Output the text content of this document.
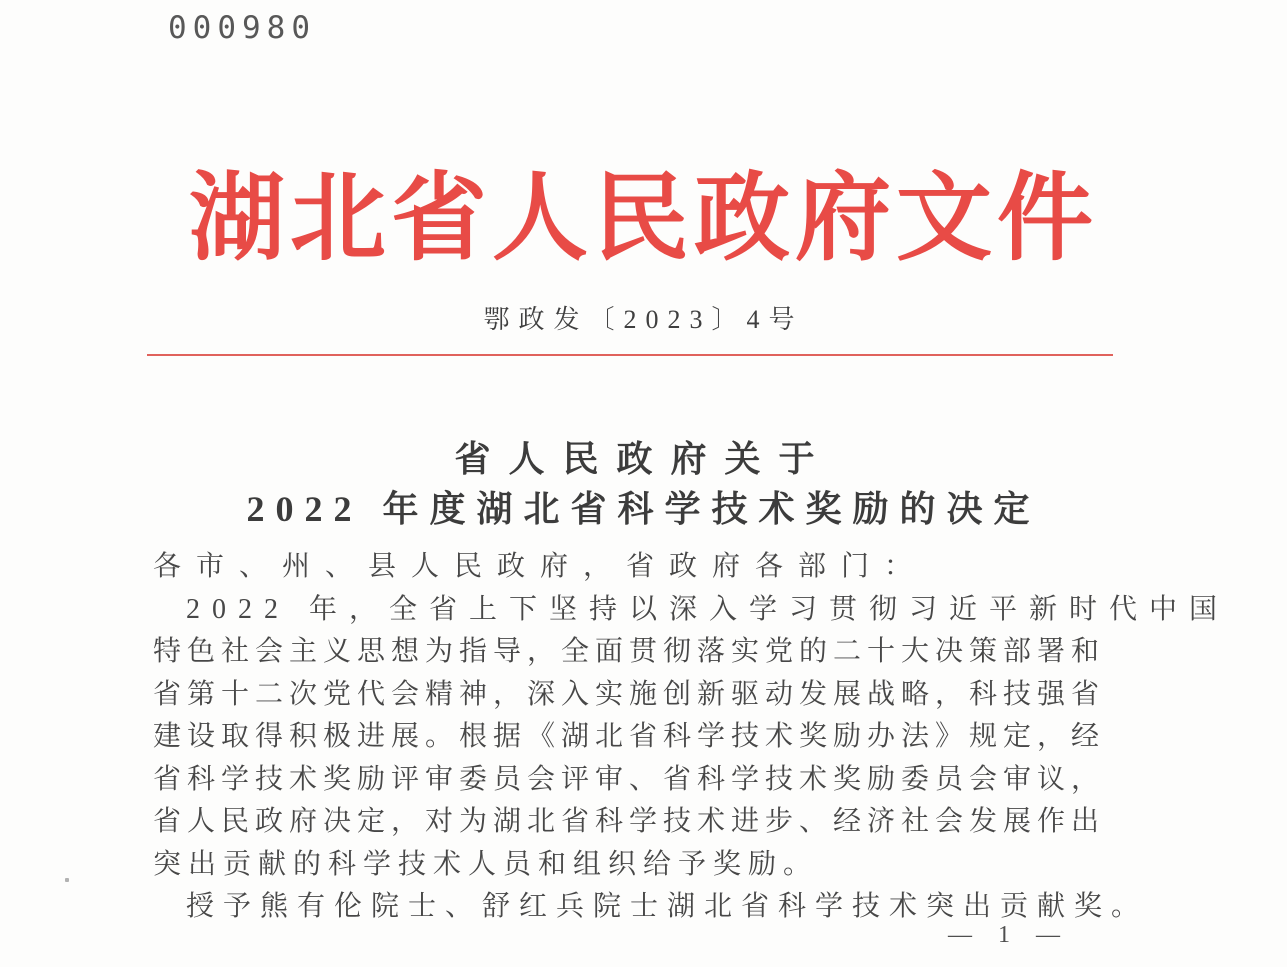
000980
湖北省人民政府文件
鄂政发〔2023〕4号
省人民政府关于
2022 年度湖北省科学技术奖励的决定
各市、州、县人民政府，省政府各部门：
2022 年，全省上下坚持以深入学习贯彻习近平新时代中国
特色社会主义思想为指导，全面贯彻落实党的二十大决策部署和
省第十二次党代会精神，深入实施创新驱动发展战略，科技强省
建设取得积极进展。根据《湖北省科学技术奖励办法》规定，经
省科学技术奖励评审委员会评审、省科学技术奖励委员会审议，
省人民政府决定，对为湖北省科学技术进步、经济社会发展作出
突出贡献的科学技术人员和组织给予奖励。
授予熊有伦院士、舒红兵院士湖北省科学技术突出贡献奖。
— 1 —
